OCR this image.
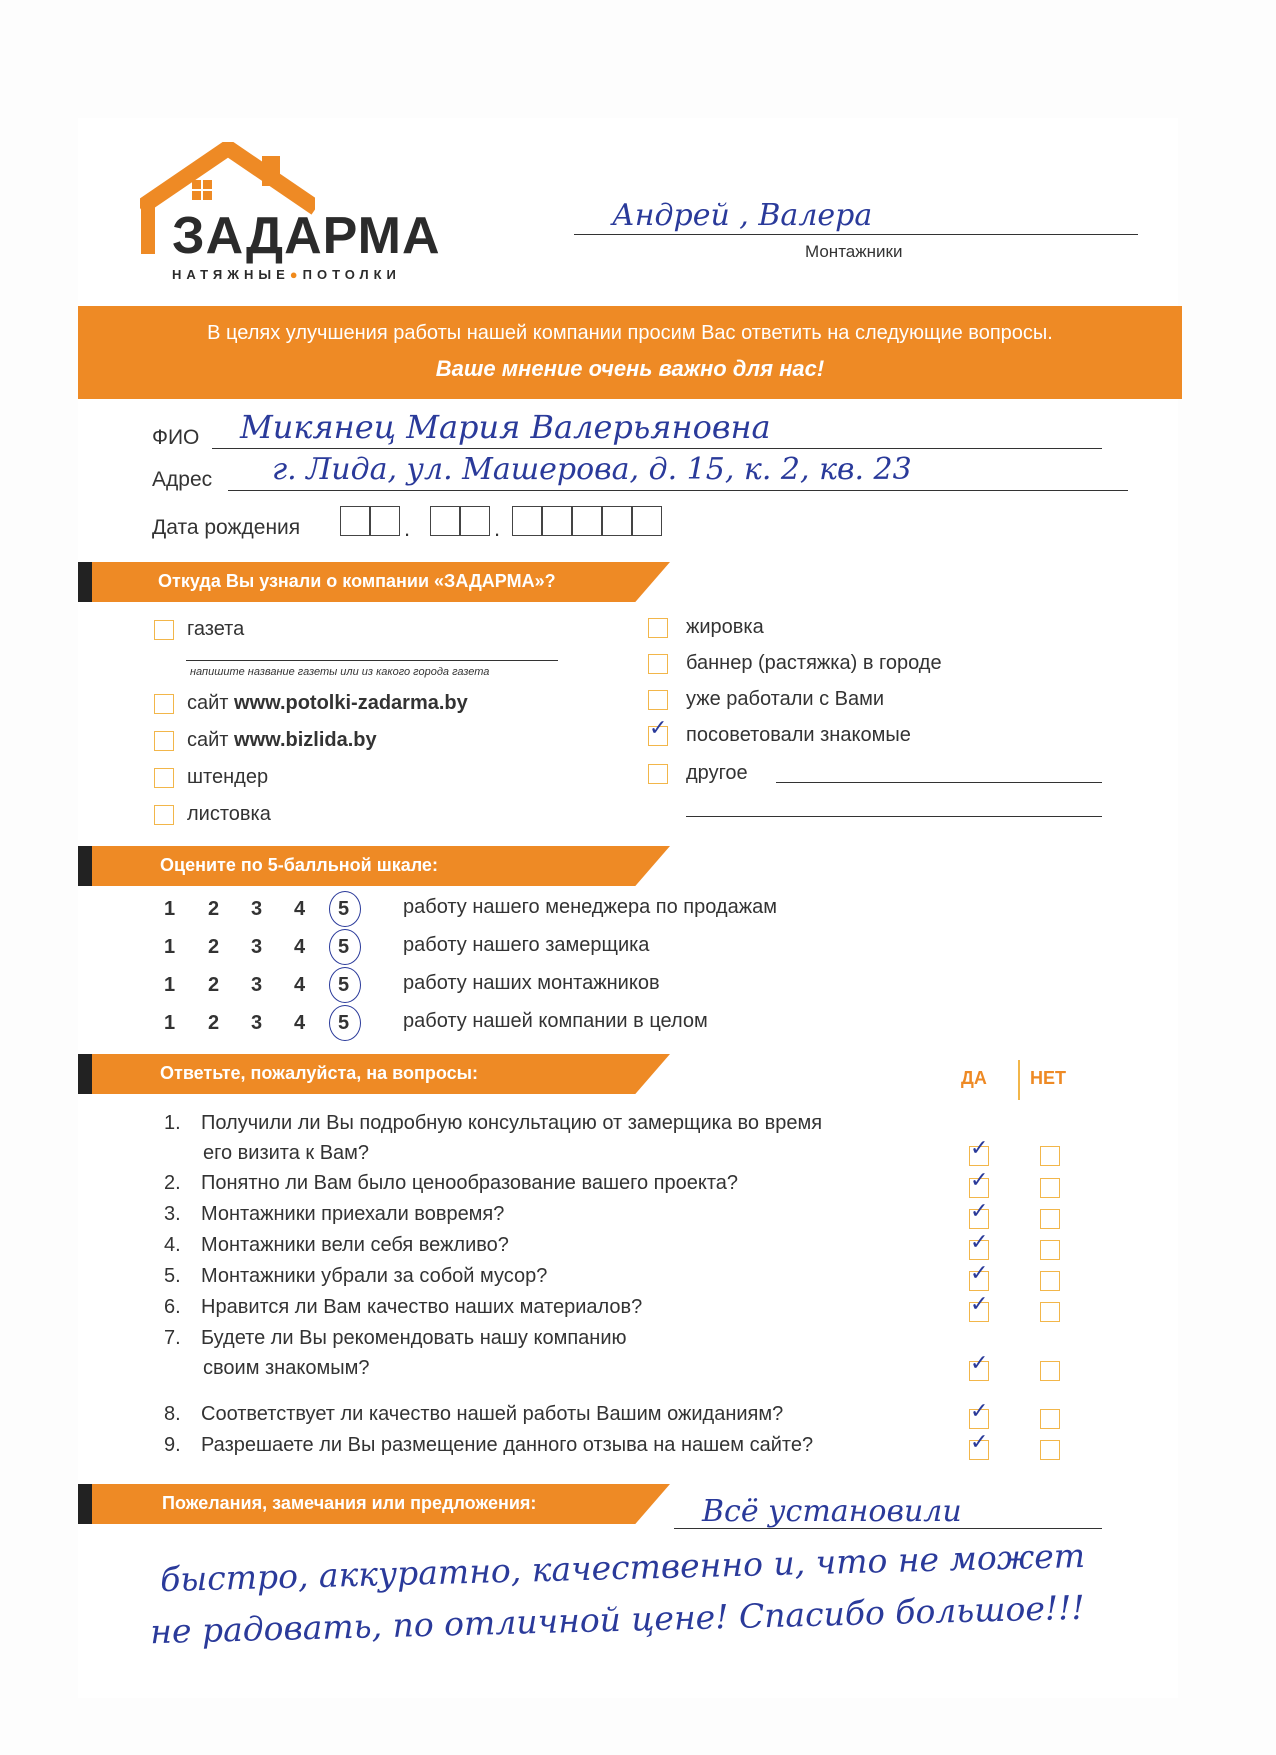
ЗАДАРМА
НАТЯЖНЫЕ●ПОТОЛКИ
Андрей , Валера
Монтажники
В целях улучшения работы нашей компании просим Вас ответить на следующие вопросы.
Ваше мнение очень важно для нас!
ФИО Микянец Мария Валерьяновна
Адрес г. Лида, ул. Машерова, д. 15, к. 2, кв. 23
Дата рождения	.	.
Откуда Вы узнали о компании «ЗАДАРМА»?
газета
напишите название газеты или из какого города газета
сайт www.potolki-zadarma.by
сайт www.bizlida.by
штендер
листовка
жировка
баннер (растяжка) в городе
уже работали с Вами
✓ посоветовали знакомые
другое
Оцените по 5-балльной шкале:
1 2 3 4 5	работу нашего менеджера по продажам
1 2 3 4 5	работу нашего замерщика
1 2 3 4 5	работу наших монтажников
1 2 3 4 5	работу нашей компании в целом
Ответьте, пожалуйста, на вопросы:	ДА НЕТ
1. Получили ли Вы подробную консультацию от замерщика во время
его визита к Вам?	✓
2. Понятно ли Вам было ценообразование вашего проекта?	✓
3. Монтажники приехали вовремя?	✓
4. Монтажники вели себя вежливо?	✓
5. Монтажники убрали за собой мусор?	✓
6. Нравится ли Вам качество наших материалов?	✓
7. Будете ли Вы рекомендовать нашу компанию
своим знакомым?	✓
8. Соответствует ли качество нашей работы Вашим ожиданиям?	✓
9. Разрешаете ли Вы размещение данного отзыва на нашем сайте?	✓
Пожелания, замечания или предложения:	Всё установили
быстро, аккуратно, качественно и, что не может
не радовать, по отличной цене! Спасибо большое!!!
